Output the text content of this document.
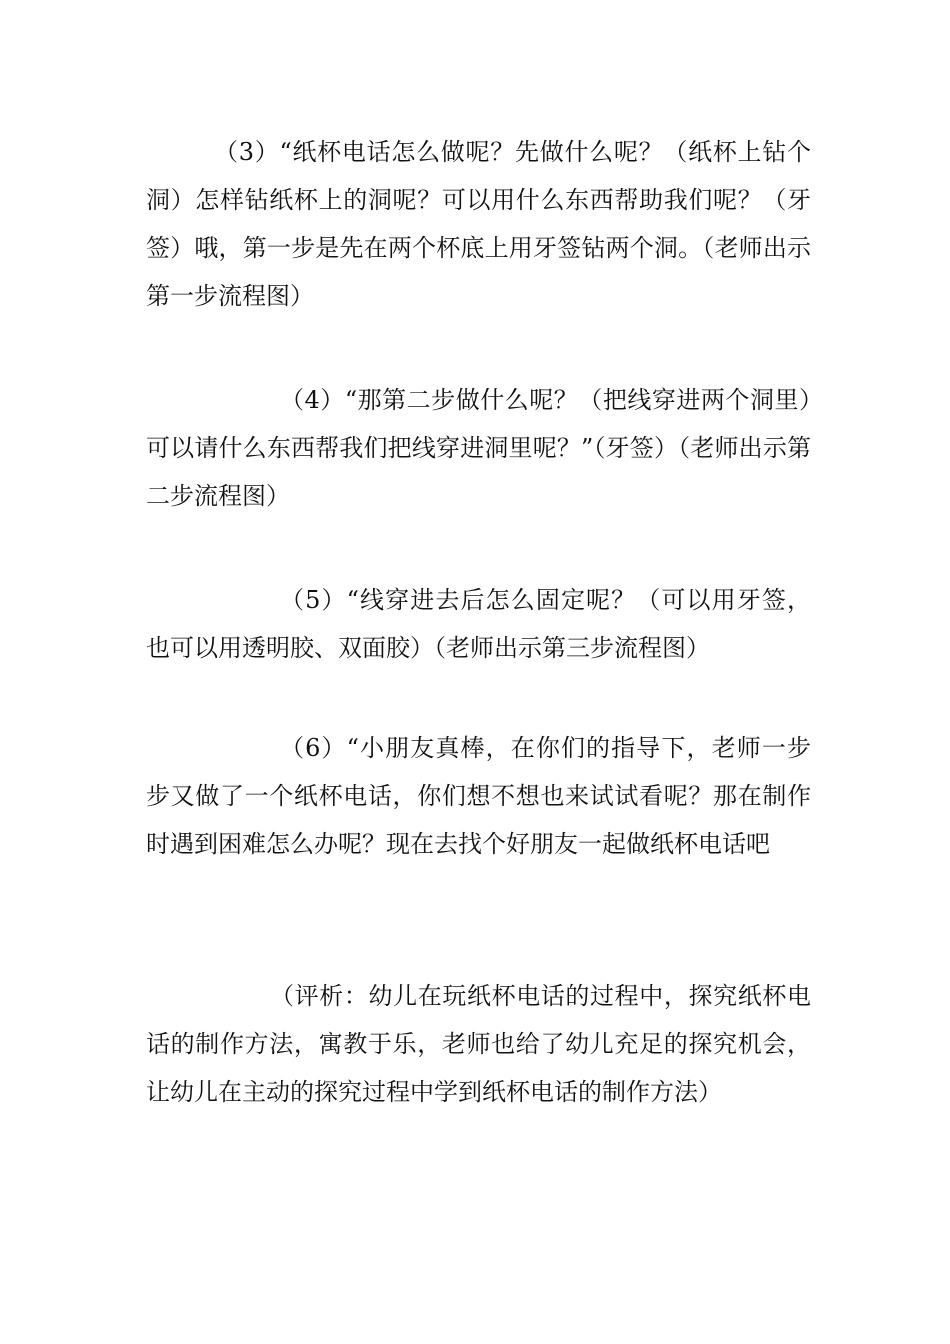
（3）“纸杯电话怎么做呢？先做什么呢？（纸杯上钻个洞）怎样钻纸杯上的洞呢？可以用什么东西帮助我们呢？（牙签）哦，第一步是先在两个杯底上用牙签钻两个洞。（老师出示第一步流程图）

（4）“那第二步做什么呢？（把线穿进两个洞里）可以请什么东西帮我们把线穿进洞里呢？”（牙签）（老师出示第二步流程图）

（5）“线穿进去后怎么固定呢？（可以用牙签，也可以用透明胶、双面胶）（老师出示第三步流程图）

（6）“小朋友真棒，在你们的指导下，老师一步步又做了一个纸杯电话，你们想不想也来试试看呢？那在制作时遇到困难怎么办呢？现在去找个好朋友一起做纸杯电话吧

（评析：幼儿在玩纸杯电话的过程中，探究纸杯电话的制作方法，寓教于乐，老师也给了幼儿充足的探究机会，让幼儿在主动的探究过程中学到纸杯电话的制作方法）
